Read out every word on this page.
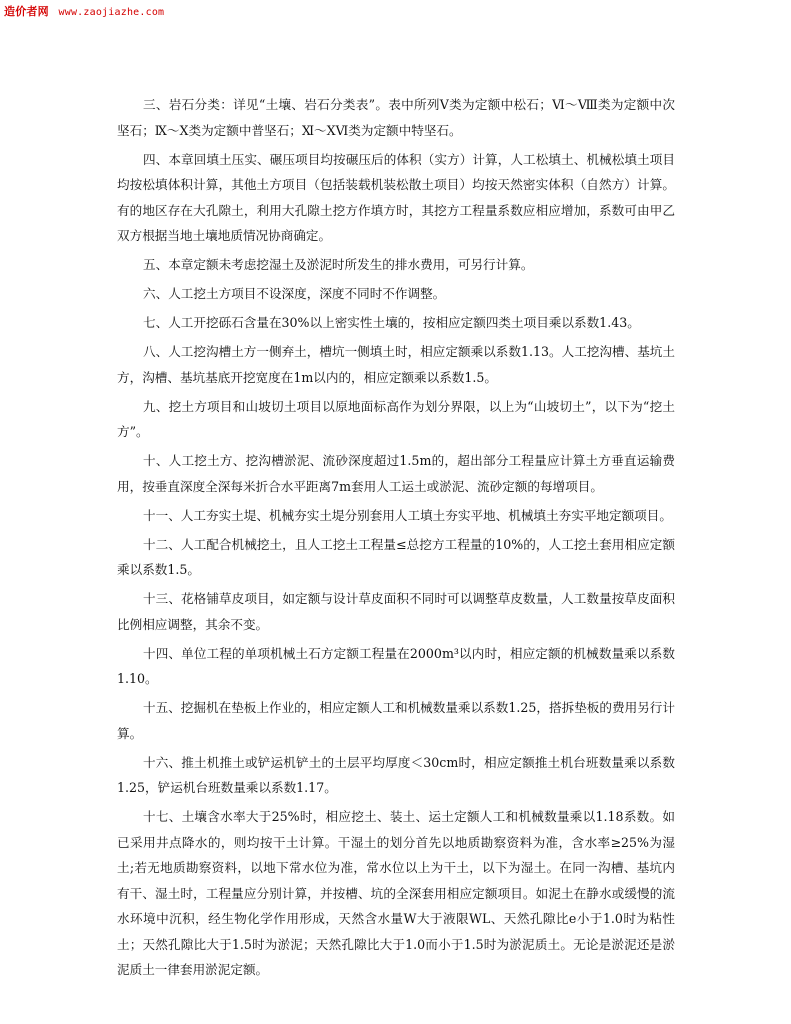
造价者网 www.zaojiazhe.com

三、岩石分类：详见“土壤、岩石分类表”。表中所列Ⅴ类为定额中松石；Ⅵ～Ⅷ类为定额中次坚石；Ⅸ～Ⅹ类为定额中普坚石；Ⅺ～ⅩⅥ类为定额中特坚石。

四、本章回填土压实、碾压项目均按碾压后的体积（实方）计算，人工松填土、机械松填土项目均按松填体积计算，其他土方项目（包括装载机装松散土项目）均按天然密实体积（自然方）计算。有的地区存在大孔隙土，利用大孔隙土挖方作填方时，其挖方工程量系数应相应增加，系数可由甲乙双方根据当地土壤地质情况协商确定。

五、本章定额未考虑挖湿土及淤泥时所发生的排水费用，可另行计算。

六、人工挖土方项目不设深度，深度不同时不作调整。

七、人工开挖砾石含量在30%以上密实性土壤的，按相应定额四类土项目乘以系数1.43。

八、人工挖沟槽土方一侧弃土，槽坑一侧填土时，相应定额乘以系数1.13。人工挖沟槽、基坑土方，沟槽、基坑基底开挖宽度在1m以内的，相应定额乘以系数1.5。

九、挖土方项目和山坡切土项目以原地面标高作为划分界限，以上为“山坡切土”，以下为“挖土方”。

十、人工挖土方、挖沟槽淤泥、流砂深度超过1.5m的，超出部分工程量应计算土方垂直运输费用，按垂直深度全深每米折合水平距离7m套用人工运土或淤泥、流砂定额的每增项目。

十一、人工夯实土堤、机械夯实土堤分别套用人工填土夯实平地、机械填土夯实平地定额项目。

十二、人工配合机械挖土，且人工挖土工程量≤总挖方工程量的10%的，人工挖土套用相应定额乘以系数1.5。

十三、花格铺草皮项目，如定额与设计草皮面积不同时可以调整草皮数量，人工数量按草皮面积比例相应调整，其余不变。

十四、单位工程的单项机械土石方定额工程量在2000m³以内时，相应定额的机械数量乘以系数1.10。

十五、挖掘机在垫板上作业的，相应定额人工和机械数量乘以系数1.25，搭拆垫板的费用另行计算。

十六、推土机推土或铲运机铲土的土层平均厚度＜30cm时，相应定额推土机台班数量乘以系数1.25，铲运机台班数量乘以系数1.17。

十七、土壤含水率大于25%时，相应挖土、装土、运土定额人工和机械数量乘以1.18系数。如已采用井点降水的，则均按干土计算。干湿土的划分首先以地质勘察资料为准，含水率≥25%为湿土;若无地质勘察资料，以地下常水位为准，常水位以上为干土，以下为湿土。在同一沟槽、基坑内有干、湿土时，工程量应分别计算，并按槽、坑的全深套用相应定额项目。如泥土在静水或缓慢的流水环境中沉积，经生物化学作用形成，天然含水量W大于液限WL、天然孔隙比e小于1.0时为粘性土；天然孔隙比大于1.5时为淤泥；天然孔隙比大于1.0而小于1.5时为淤泥质土。无论是淤泥还是淤泥质土一律套用淤泥定额。
